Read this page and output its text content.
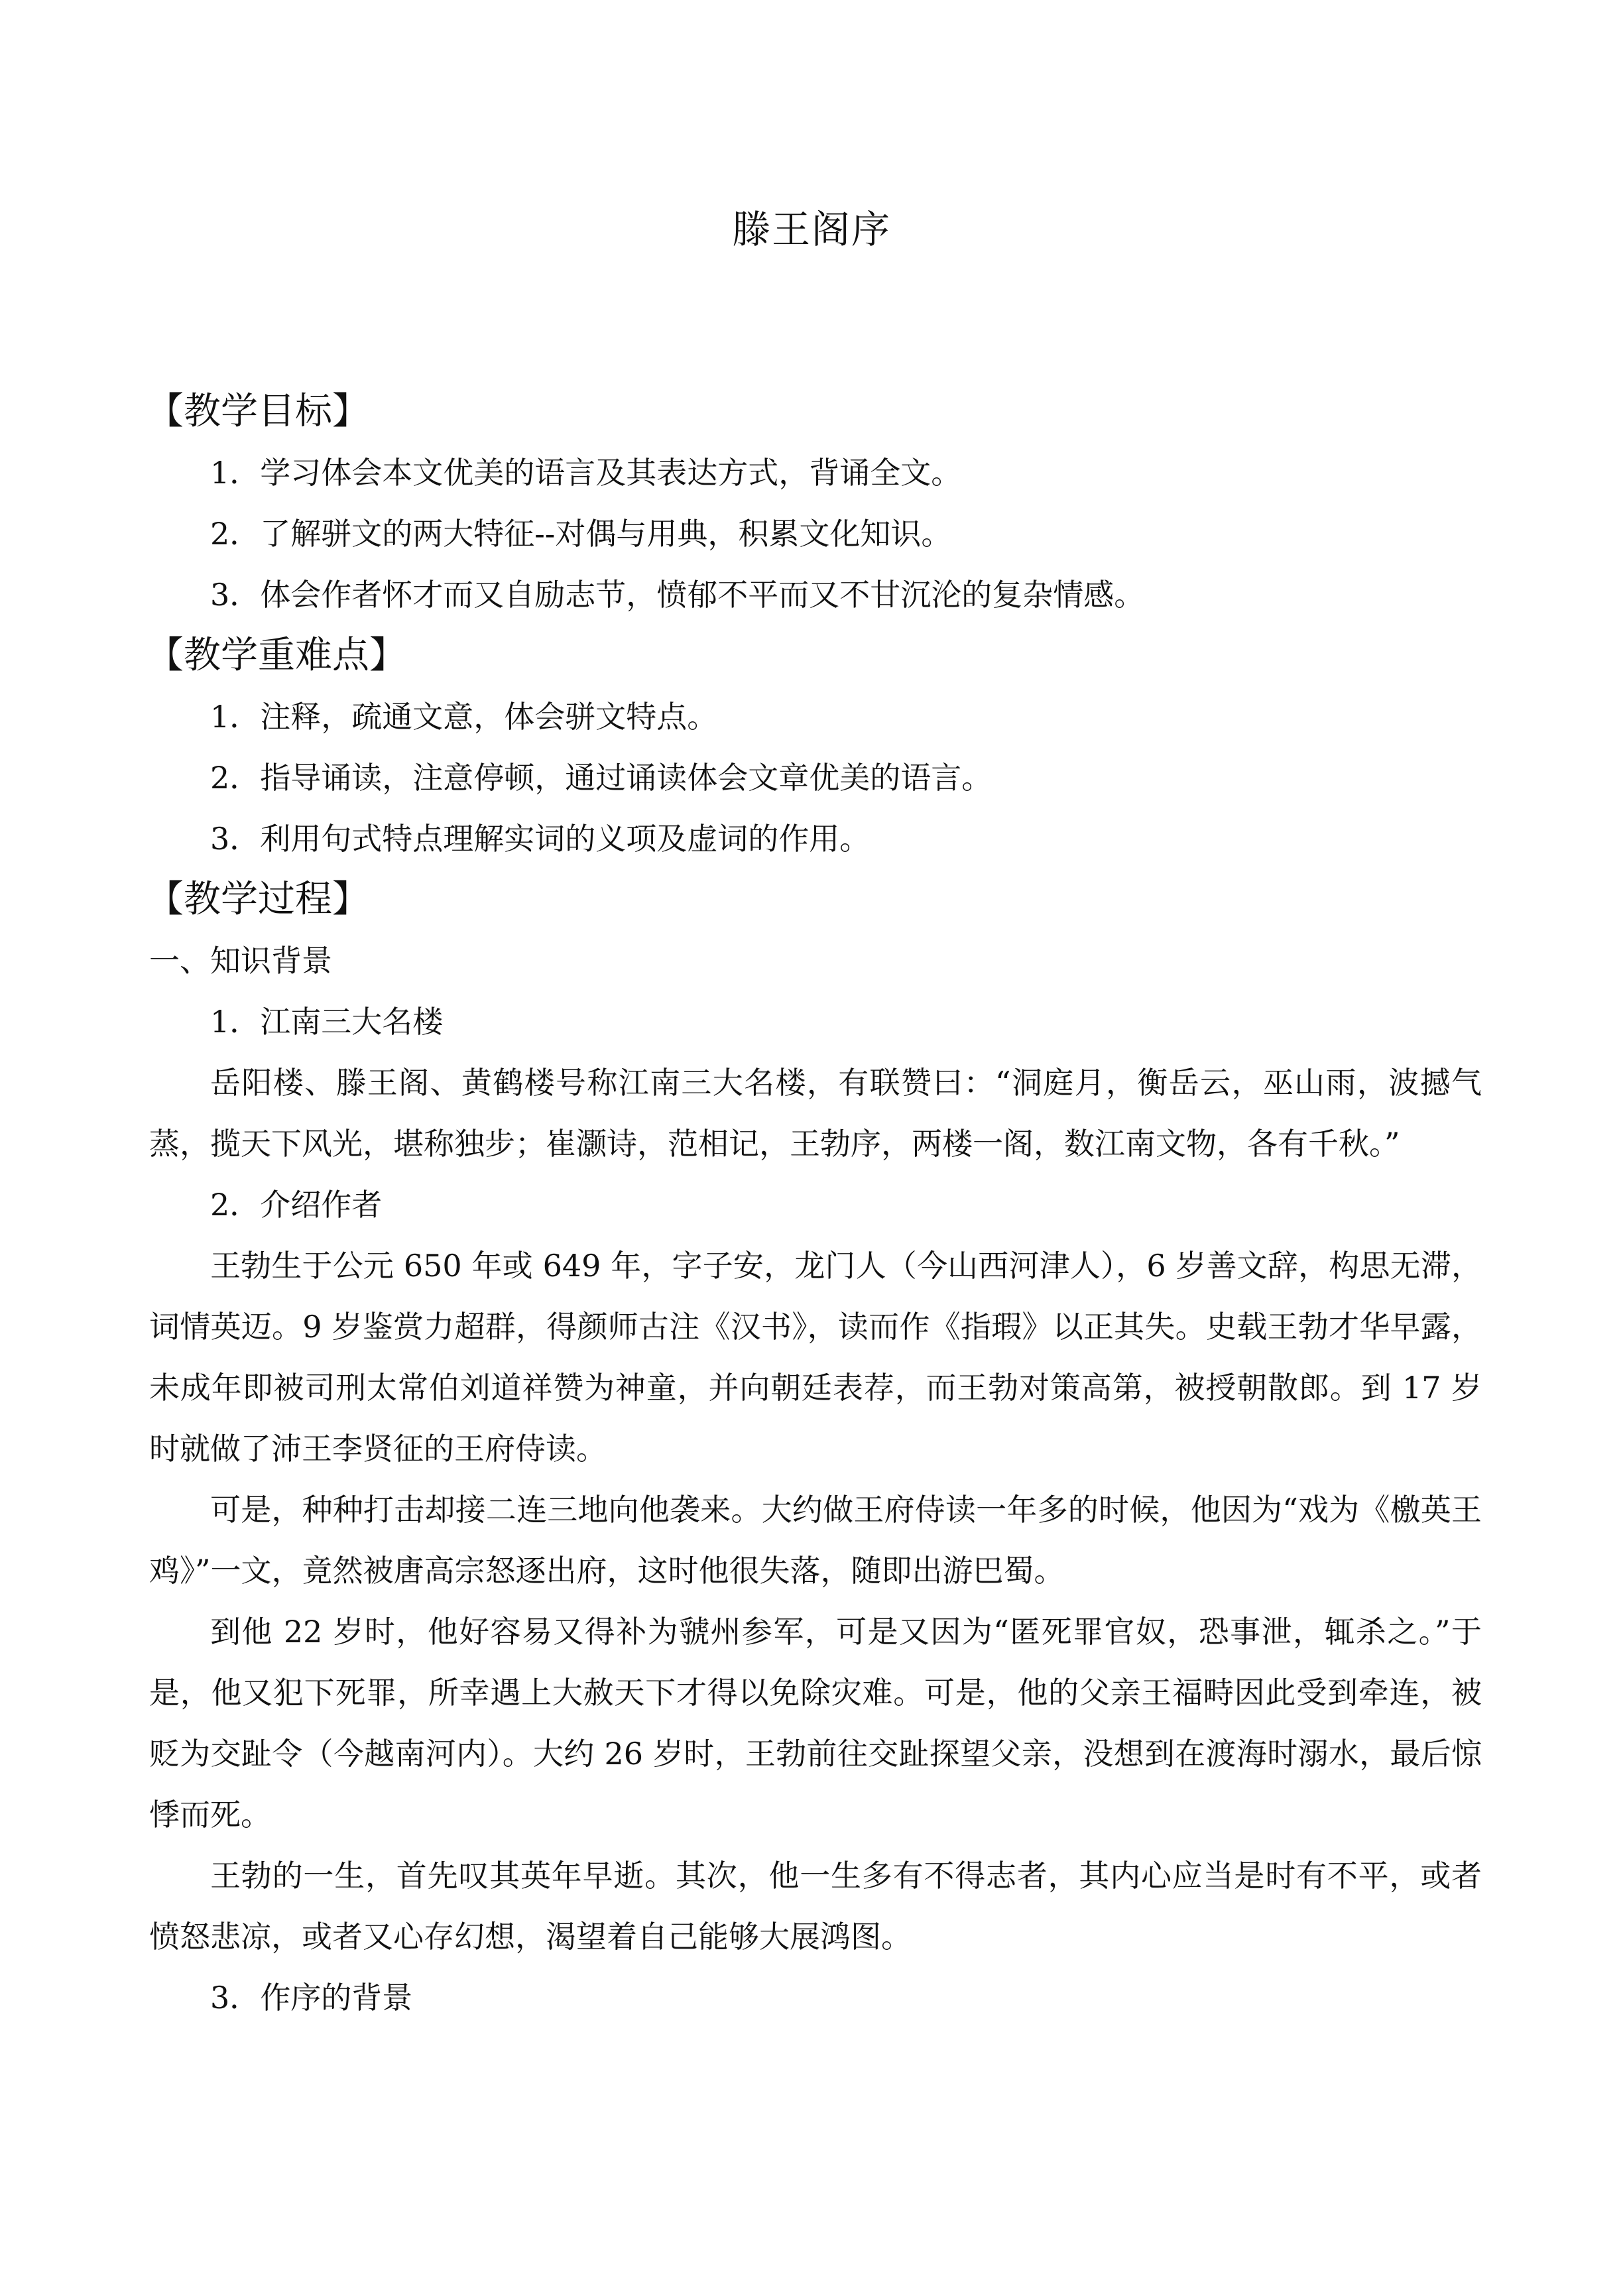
滕王阁序
【教学目标】
1．学习体会本文优美的语言及其表达方式，背诵全文。
2．了解骈文的两大特征--对偶与用典，积累文化知识。
3．体会作者怀才而又自励志节，愤郁不平而又不甘沉沦的复杂情感。
【教学重难点】
1．注释，疏通文意，体会骈文特点。
2．指导诵读，注意停顿，通过诵读体会文章优美的语言。
3．利用句式特点理解实词的义项及虚词的作用。
【教学过程】
一、知识背景
1．江南三大名楼

岳阳楼、滕王阁、黄鹤楼号称江南三大名楼，有联赞曰：“洞庭月，衡岳云，巫山雨，波撼气蒸，揽天下风光，堪称独步；崔灏诗，范相记，王勃序，两楼一阁，数江南文物，各有千秋。”

2．介绍作者

王勃生于公元 650 年或 649 年，字子安，龙门人（今山西河津人），6 岁善文辞，构思无滞，词情英迈。9 岁鉴赏力超群，得颜师古注《汉书》，读而作《指瑕》以正其失。史载王勃才华早露，未成年即被司刑太常伯刘道祥赞为神童，并向朝廷表荐，而王勃对策高第，被授朝散郎。到 17 岁时就做了沛王李贤征的王府侍读。

可是，种种打击却接二连三地向他袭来。大约做王府侍读一年多的时候，他因为“戏为《檄英王鸡》”一文，竟然被唐高宗怒逐出府，这时他很失落，随即出游巴蜀。

到他 22 岁时，他好容易又得补为虢州参军，可是又因为“匿死罪官奴，恐事泄，辄杀之。”于是，他又犯下死罪，所幸遇上大赦天下才得以免除灾难。可是，他的父亲王福畤因此受到牵连，被贬为交趾令（今越南河内）。大约 26 岁时，王勃前往交趾探望父亲，没想到在渡海时溺水，最后惊悸而死。

王勃的一生，首先叹其英年早逝。其次，他一生多有不得志者，其内心应当是时有不平，或者愤怒悲凉，或者又心存幻想，渴望着自己能够大展鸿图。

3．作序的背景
